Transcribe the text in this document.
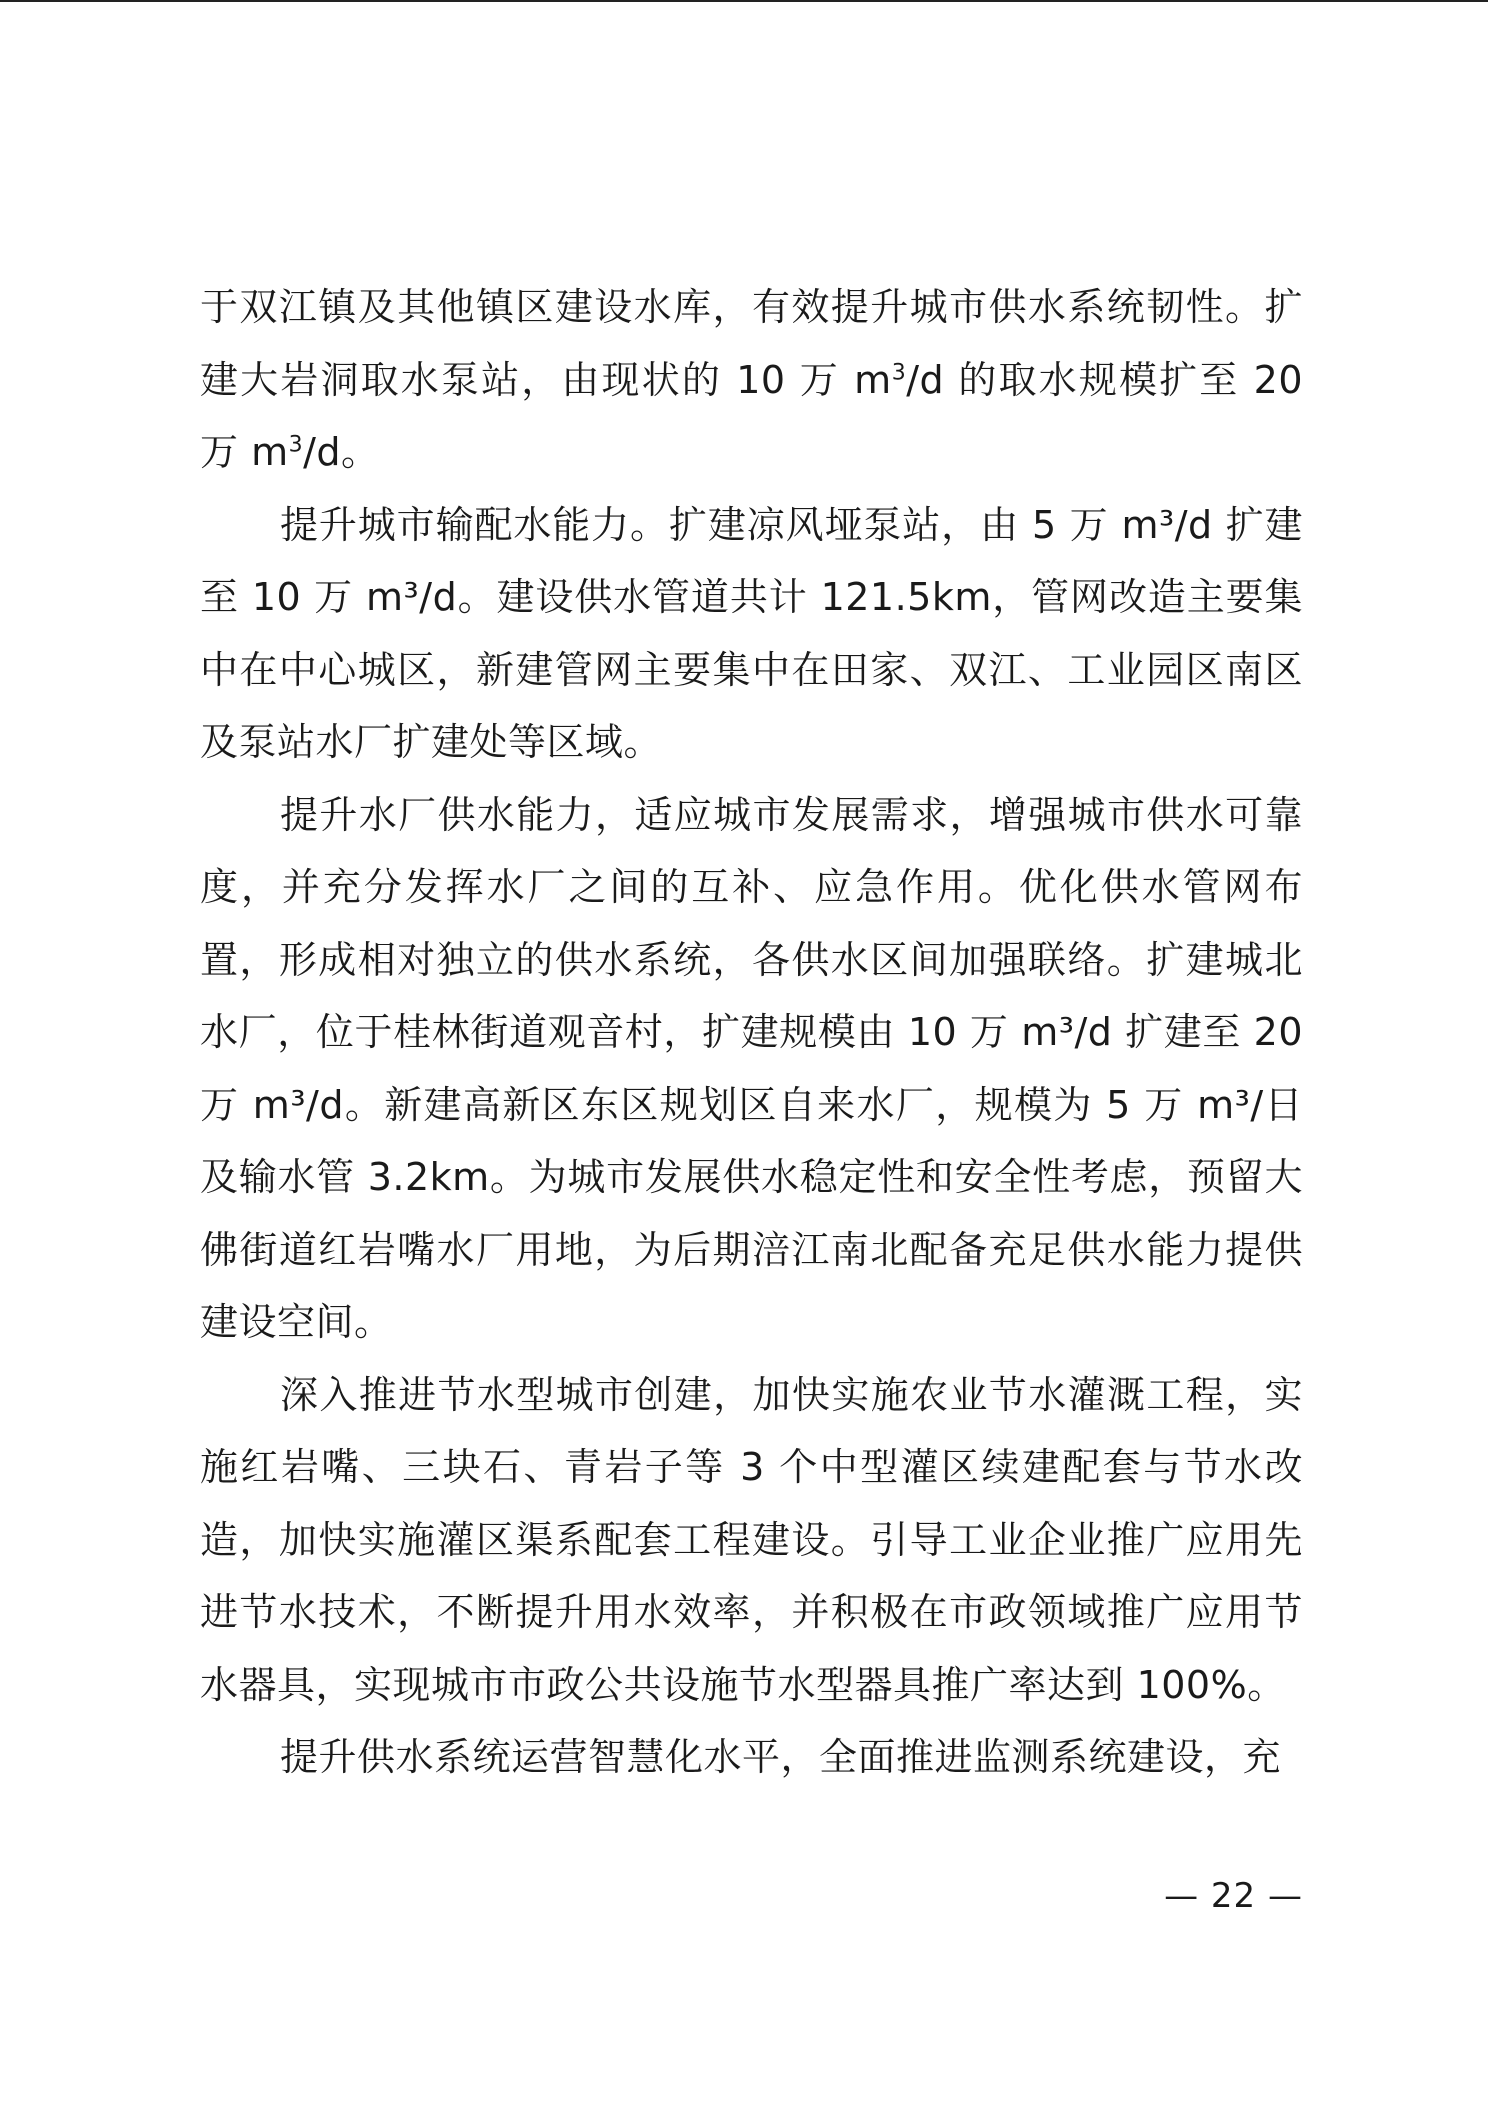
于双江镇及其他镇区建设水库，有效提升城市供水系统韧性。扩建大岩洞取水泵站，由现状的 10 万 $m^3/d$ 的取水规模扩至 20 万 $m^3/d$。

提升城市输配水能力。扩建凉风垭泵站，由 5 万 m³/d 扩建至 10 万 m³/d。建设供水管道共计 121.5km，管网改造主要集中在中心城区，新建管网主要集中在田家、双江、工业园区南区及泵站水厂扩建处等区域。

提升水厂供水能力，适应城市发展需求，增强城市供水可靠度，并充分发挥水厂之间的互补、应急作用。优化供水管网布置，形成相对独立的供水系统，各供水区间加强联络。扩建城北水厂，位于桂林街道观音村，扩建规模由 10 万 m³/d 扩建至 20 万 m³/d。新建高新区东区规划区自来水厂，规模为 5 万 m³/日及输水管 3.2km。为城市发展供水稳定性和安全性考虑，预留大佛街道红岩嘴水厂用地，为后期涪江南北配备充足供水能力提供建设空间。

深入推进节水型城市创建，加快实施农业节水灌溉工程，实施红岩嘴、三块石、青岩子等 3 个中型灌区续建配套与节水改造，加快实施灌区渠系配套工程建设。引导工业企业推广应用先进节水技术，不断提升用水效率，并积极在市政领域推广应用节水器具，实现城市市政公共设施节水型器具推广率达到 100%。

提升供水系统运营智慧化水平，全面推进监测系统建设，充

— 22 —
